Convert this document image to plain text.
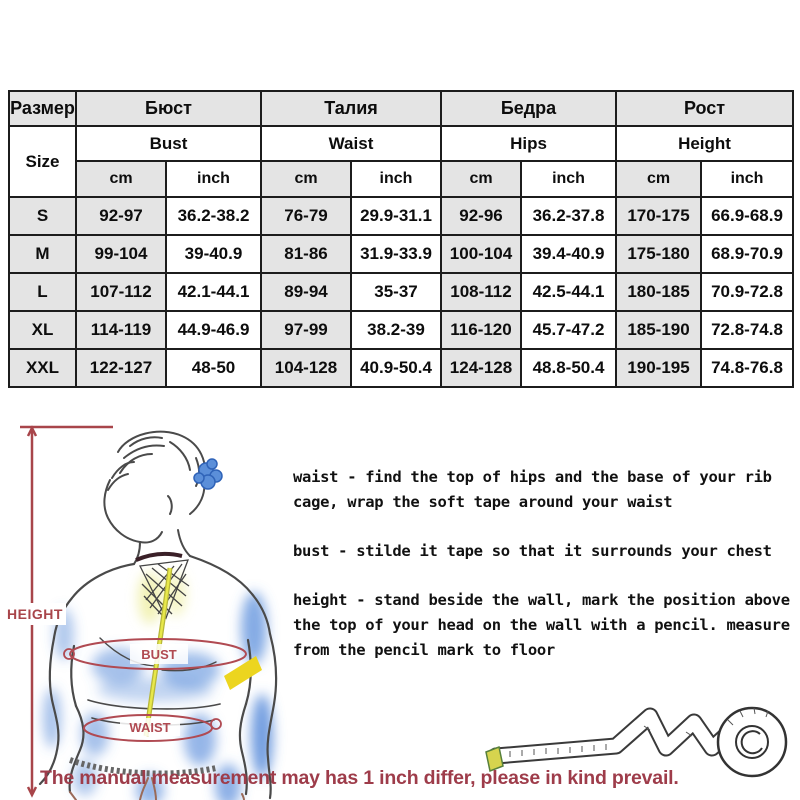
Размер	Бюст		Талия		Бедра		Рост	
Size	Bust		Waist		Hips		Height	
	cm	inch	cm	inch	cm	inch	cm	inch
S	92-97	36.2-38.2	76-79	29.9-31.1	92-96	36.2-37.8	170-175	66.9-68.9
M	99-104	39-40.9	81-86	31.9-33.9	100-104	39.4-40.9	175-180	68.9-70.9
L	107-112	42.1-44.1	89-94	35-37	108-112	42.5-44.1	180-185	70.9-72.8
XL	114-119	44.9-46.9	97-99	38.2-39	116-120	45.7-47.2	185-190	72.8-74.8
XXL	122-127	48-50	104-128	40.9-50.4	124-128	48.8-50.4	190-195	74.8-76.8
BUST
WAIST
HEIGHT
waist - find the top of hips and the base of your rib cage, wrap the soft tape around your waist
bust - stilde it tape so that it surrounds your chest
height - stand beside the wall, mark the position above the top of your head on the wall with a pencil. measure from the pencil mark to floor
The manual measurement may has 1 inch differ, please in kind prevail.
